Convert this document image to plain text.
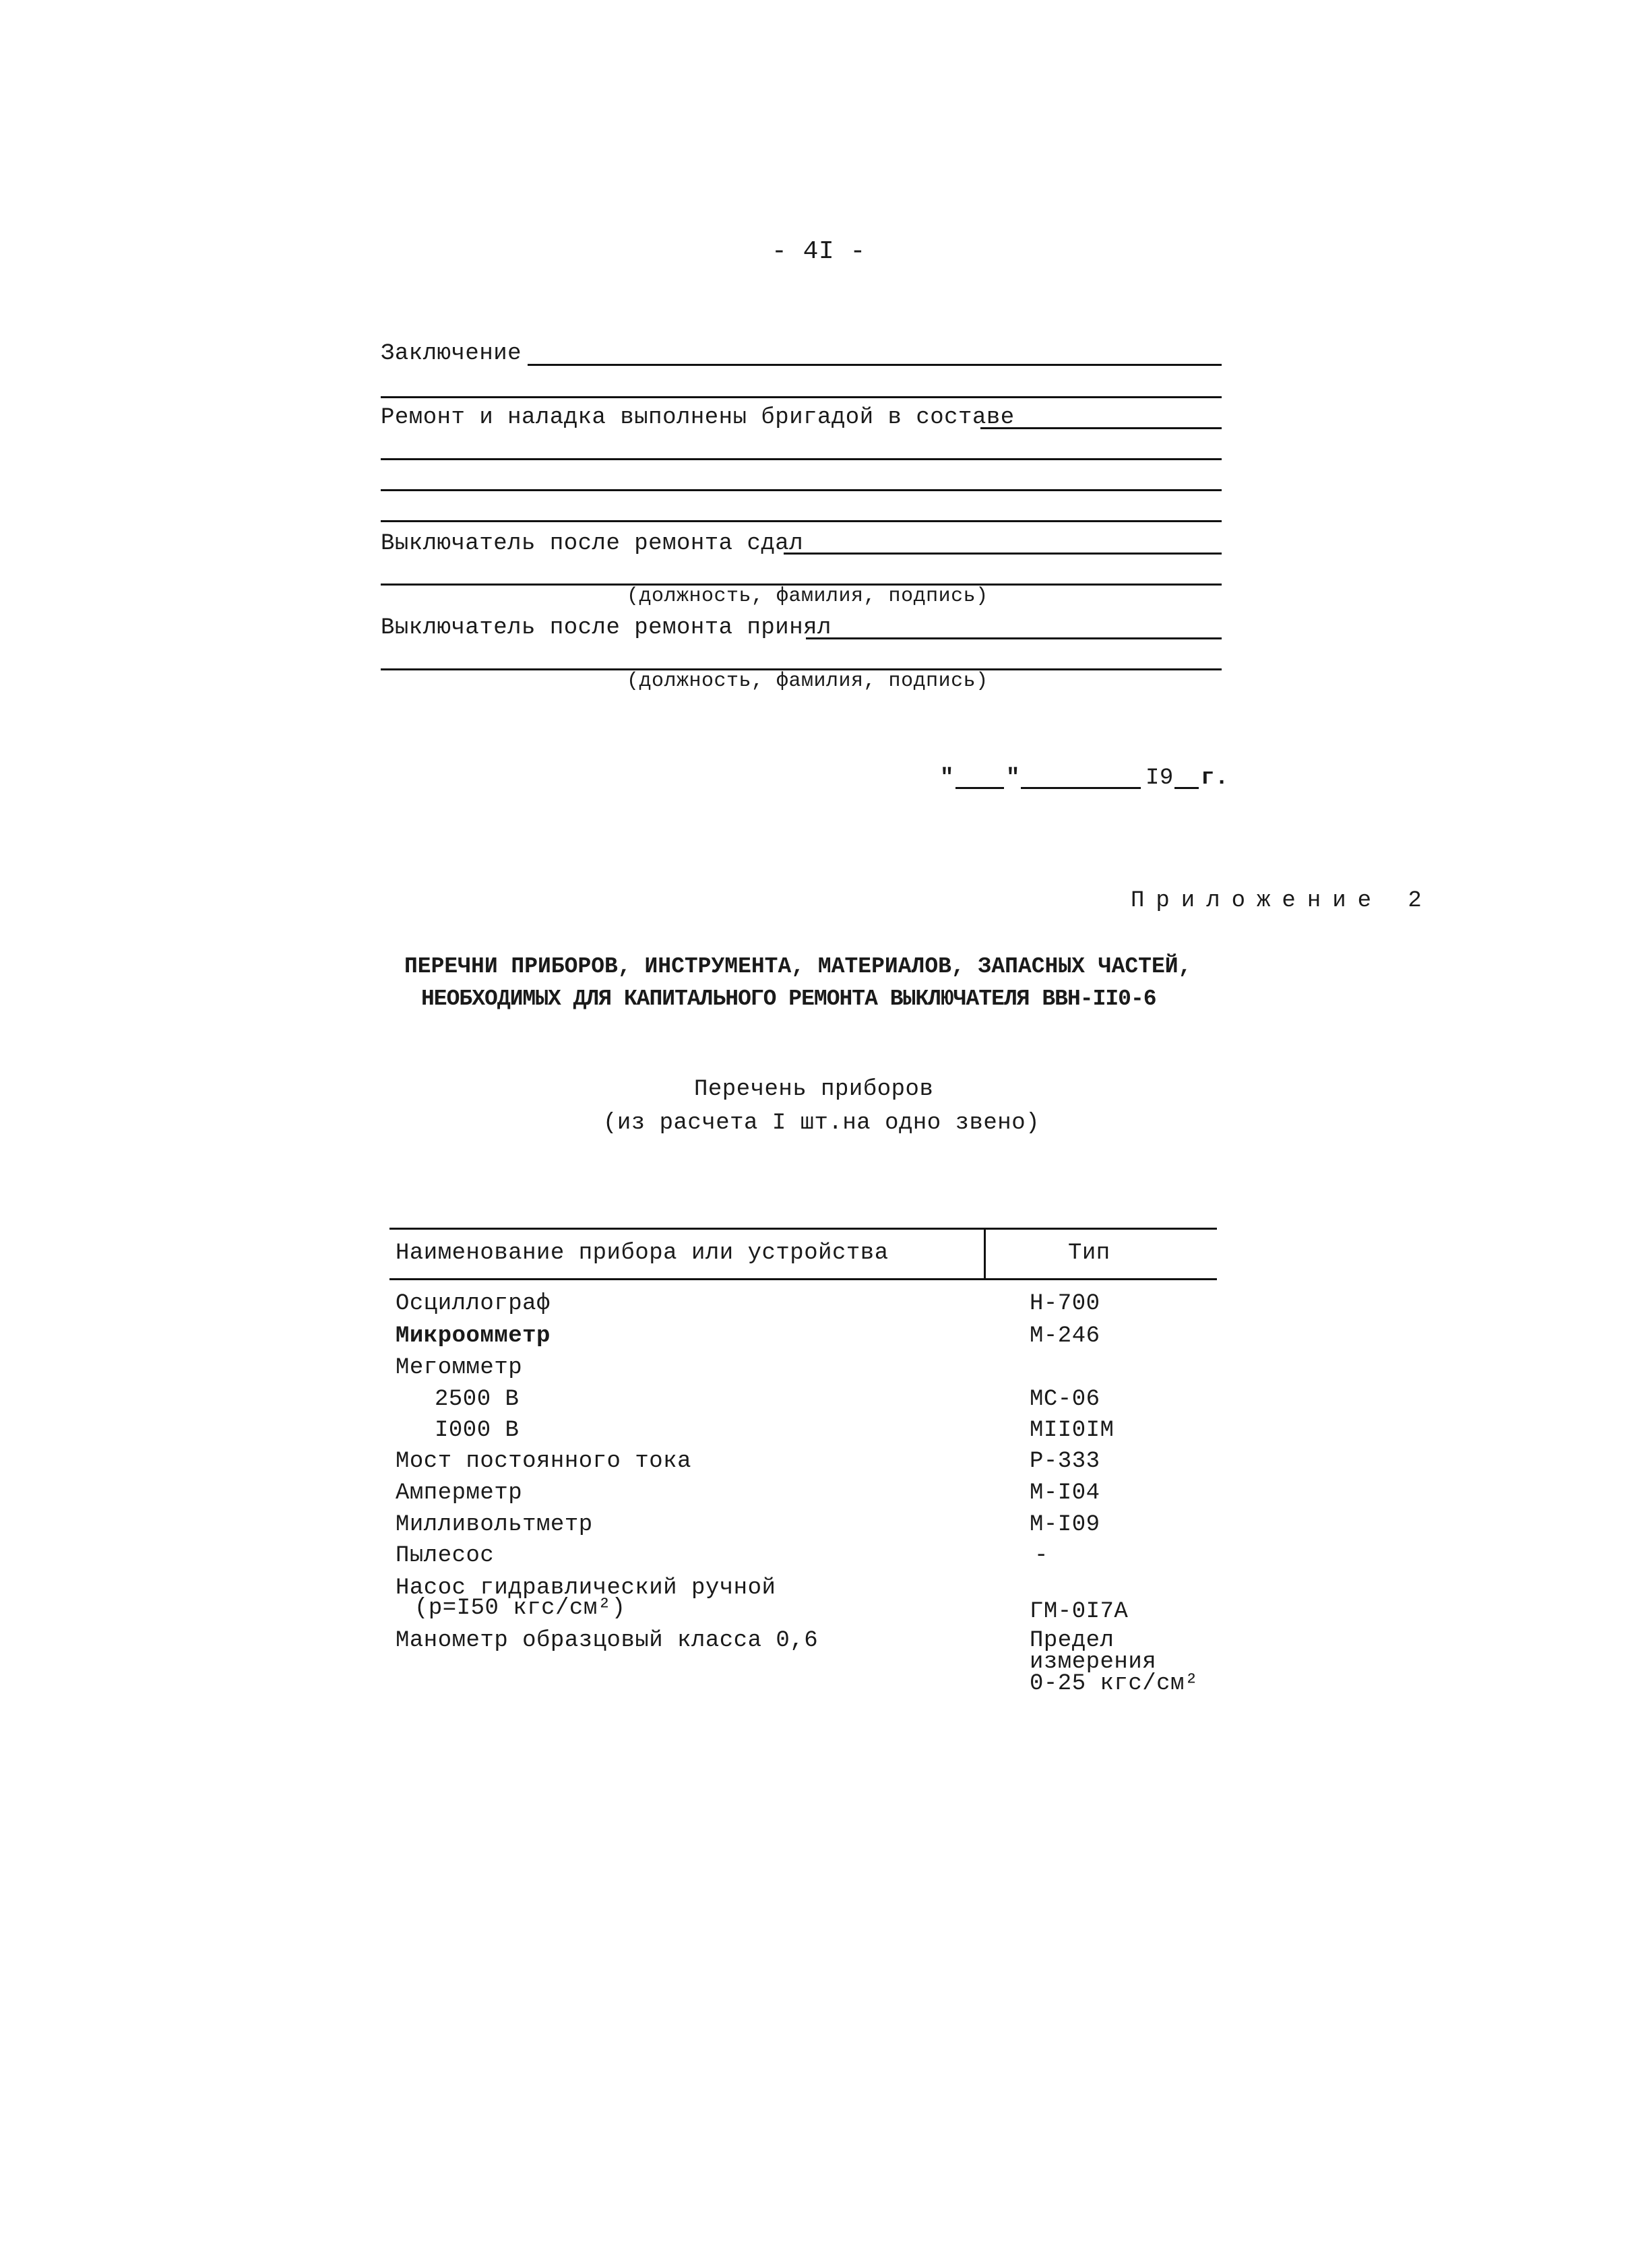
- 4I -
Заключение
Ремонт и наладка выполнены бригадой в составе
Выключатель после ремонта сдал
(должность, фамилия, подпись)
Выключатель после ремонта принял
(должность, фамилия, подпись)
" "	I9 г.
Приложение 2
ПЕРЕЧНИ ПРИБОРОВ, ИНСТРУМЕНТА, МАТЕРИАЛОВ, ЗАПАСНЫХ ЧАСТЕЙ,
НЕОБХОДИМЫХ ДЛЯ КАПИТАЛЬНОГО РЕМОНТА ВЫКЛЮЧАТЕЛЯ ВВН-II0-6
Перечень приборов
(из расчета I шт.на одно звено)
Наименование прибора или устройства	Тип
Осциллограф	Н-700
Микроомметр	М-246
Мегомметр
2500 В	МС-06
I000 В	МII0IМ
Мост постоянного тока	Р-333
Амперметр	М-I04
Милливольтметр	М-I09
Пылесос	-
Насос гидравлический ручной
(р=I50 кгс/см²)	ГМ-0I7А
Манометр образцовый класса 0,6	Предел
измерения
0-25 кгс/см²
